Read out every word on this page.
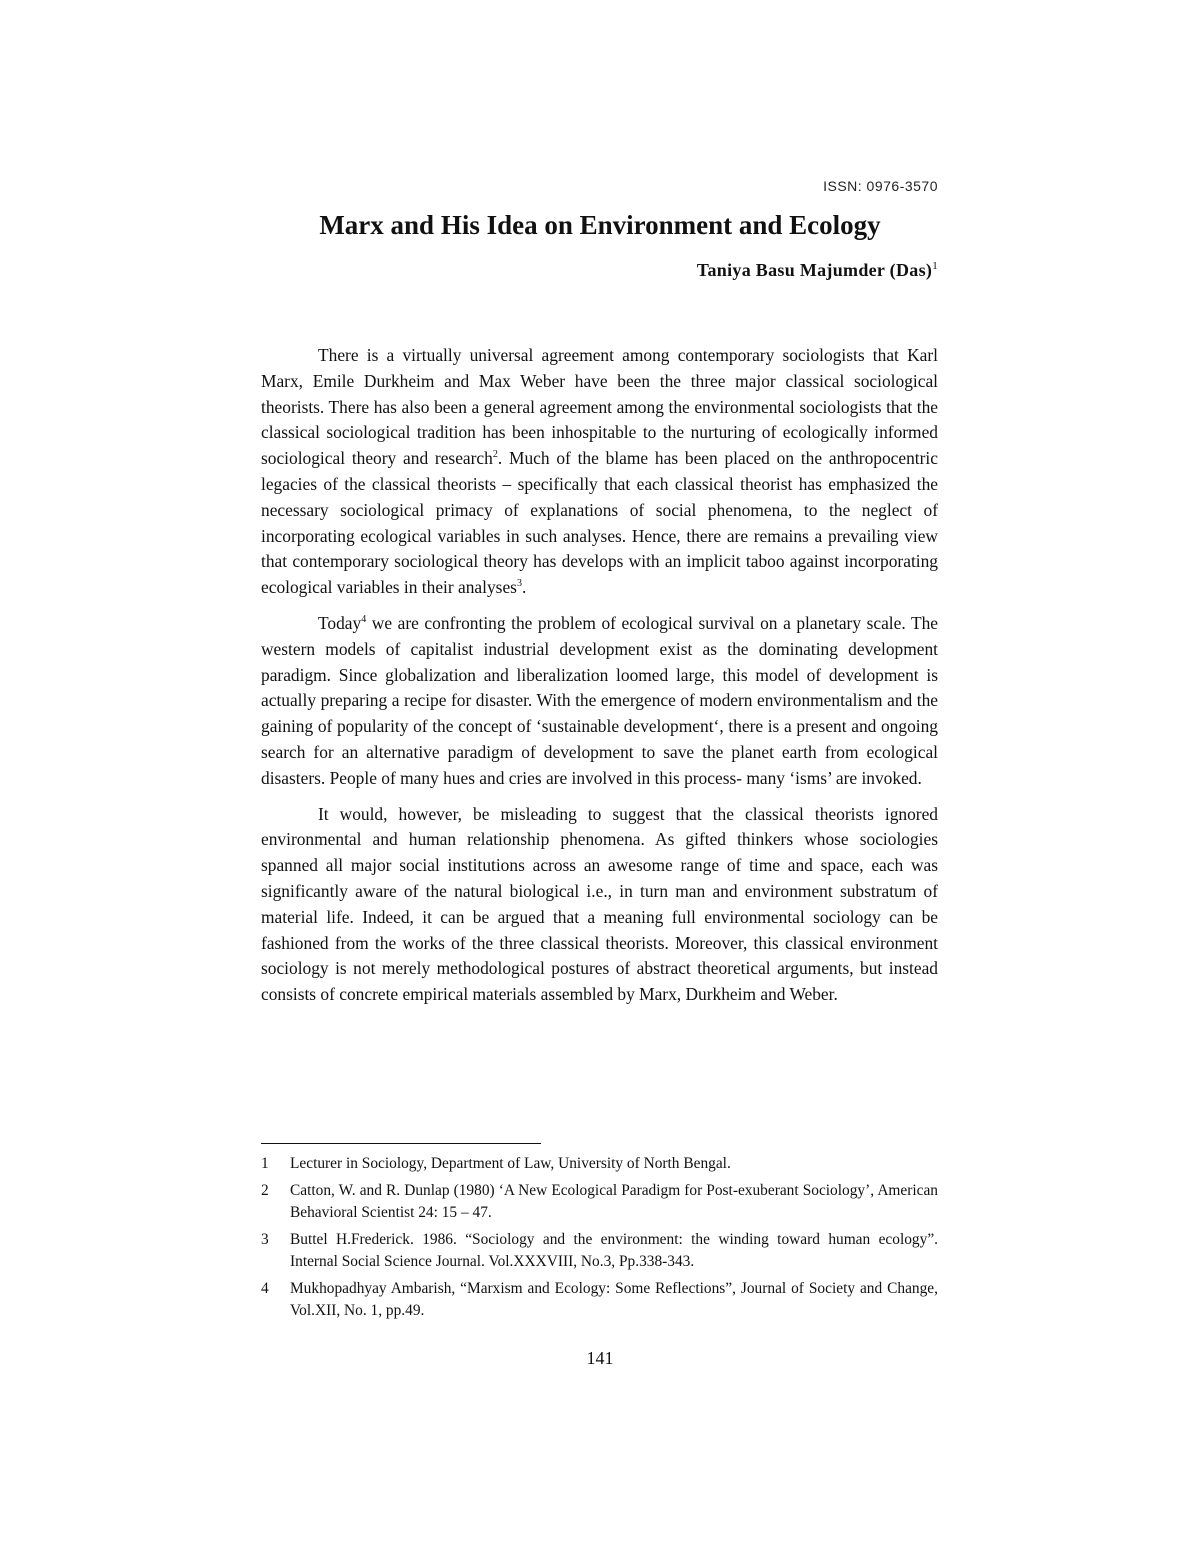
ISSN: 0976-3570
Marx and His Idea on Environment and Ecology
Taniya Basu Majumder (Das)$^1$

There is a virtually universal agreement among contemporary sociologists that Karl Marx, Emile Durkheim and Max Weber have been the three major classical sociological theorists. There has also been a general agreement among the environmental sociologists that the classical sociological tradition has been inhospitable to the nurturing of ecologically informed sociological theory and research$^2$. Much of the blame has been placed on the anthropocentric legacies of the classical theorists – specifically that each classical theorist has emphasized the necessary sociological primacy of explanations of social phenomena, to the neglect of incorporating ecological variables in such analyses. Hence, there are remains a prevailing view that contemporary sociological theory has develops with an implicit taboo against incorporating ecological variables in their analyses$^3$.

Today$^4$ we are confronting the problem of ecological survival on a planetary scale. The western models of capitalist industrial development exist as the dominating development paradigm. Since globalization and liberalization loomed large, this model of development is actually preparing a recipe for disaster. With the emergence of modern environmentalism and the gaining of popularity of the concept of ‘sustainable development‘, there is a present and ongoing search for an alternative paradigm of development to save the planet earth from ecological disasters. People of many hues and cries are involved in this process- many ‘isms’ are invoked.

It would, however, be misleading to suggest that the classical theorists ignored environmental and human relationship phenomena. As gifted thinkers whose sociologies spanned all major social institutions across an awesome range of time and space, each was significantly aware of the natural biological i.e., in turn man and environment substratum of material life. Indeed, it can be argued that a meaning full environmental sociology can be fashioned from the works of the three classical theorists. Moreover, this classical environment sociology is not merely methodological postures of abstract theoretical arguments, but instead consists of concrete empirical materials assembled by Marx, Durkheim and Weber.

1	Lecturer in Sociology, Department of Law, University of North Bengal.
2	Catton, W. and R. Dunlap (1980) ‘A New Ecological Paradigm for Post-exuberant Sociology’, American Behavioral Scientist 24: 15 – 47.
3	Buttel H.Frederick. 1986. “Sociology and the environment: the winding toward human ecology”. Internal Social Science Journal. Vol.XXXVIII, No.3, Pp.338-343.
4	Mukhopadhyay Ambarish, “Marxism and Ecology: Some Reflections”, Journal of Society and Change, Vol.XII, No. 1, pp.49.
141
